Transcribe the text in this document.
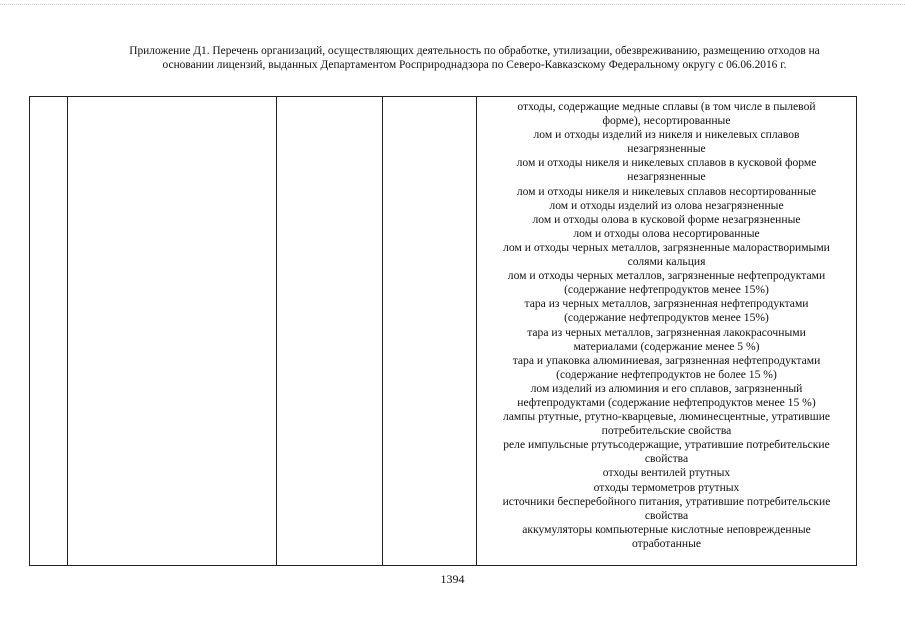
Приложение Д1. Перечень организаций, осуществляющих деятельность по обработке, утилизации, обезвреживанию, размещению отходов на
основании лицензий, выданных Департаментом Росприроднадзора по Северо-Кавказскому Федеральному округу с 06.06.2016 г.
отходы, содержащие медные сплавы (в том числе в пылевой
форме), несортированные
лом и отходы изделий из никеля и никелевых сплавов
незагрязненные
лом и отходы никеля и никелевых сплавов в кусковой форме
незагрязненные
лом и отходы никеля и никелевых сплавов несортированные
лом и отходы изделий из олова незагрязненные
лом и отходы олова в кусковой форме незагрязненные
лом и отходы олова несортированные
лом и отходы черных металлов, загрязненные малорастворимыми
солями кальция
лом и отходы черных металлов, загрязненные нефтепродуктами
(содержание нефтепродуктов менее 15%)
тара из черных металлов, загрязненная нефтепродуктами
(содержание нефтепродуктов менее 15%)
тара из черных металлов, загрязненная лакокрасочными
материалами (содержание менее 5 %)
тара и упаковка алюминиевая, загрязненная нефтепродуктами
(содержание нефтепродуктов не более 15 %)
лом изделий из алюминия и его сплавов, загрязненный
нефтепродуктами (содержание нефтепродуктов менее 15 %)
лампы ртутные, ртутно-кварцевые, люминесцентные, утратившие
потребительские свойства
реле импульсные ртутьсодержащие, утратившие потребительские
свойства
отходы вентилей ртутных
отходы термометров ртутных
источники бесперебойного питания, утратившие потребительские
свойства
аккумуляторы компьютерные кислотные неповрежденные
отработанные
1394
